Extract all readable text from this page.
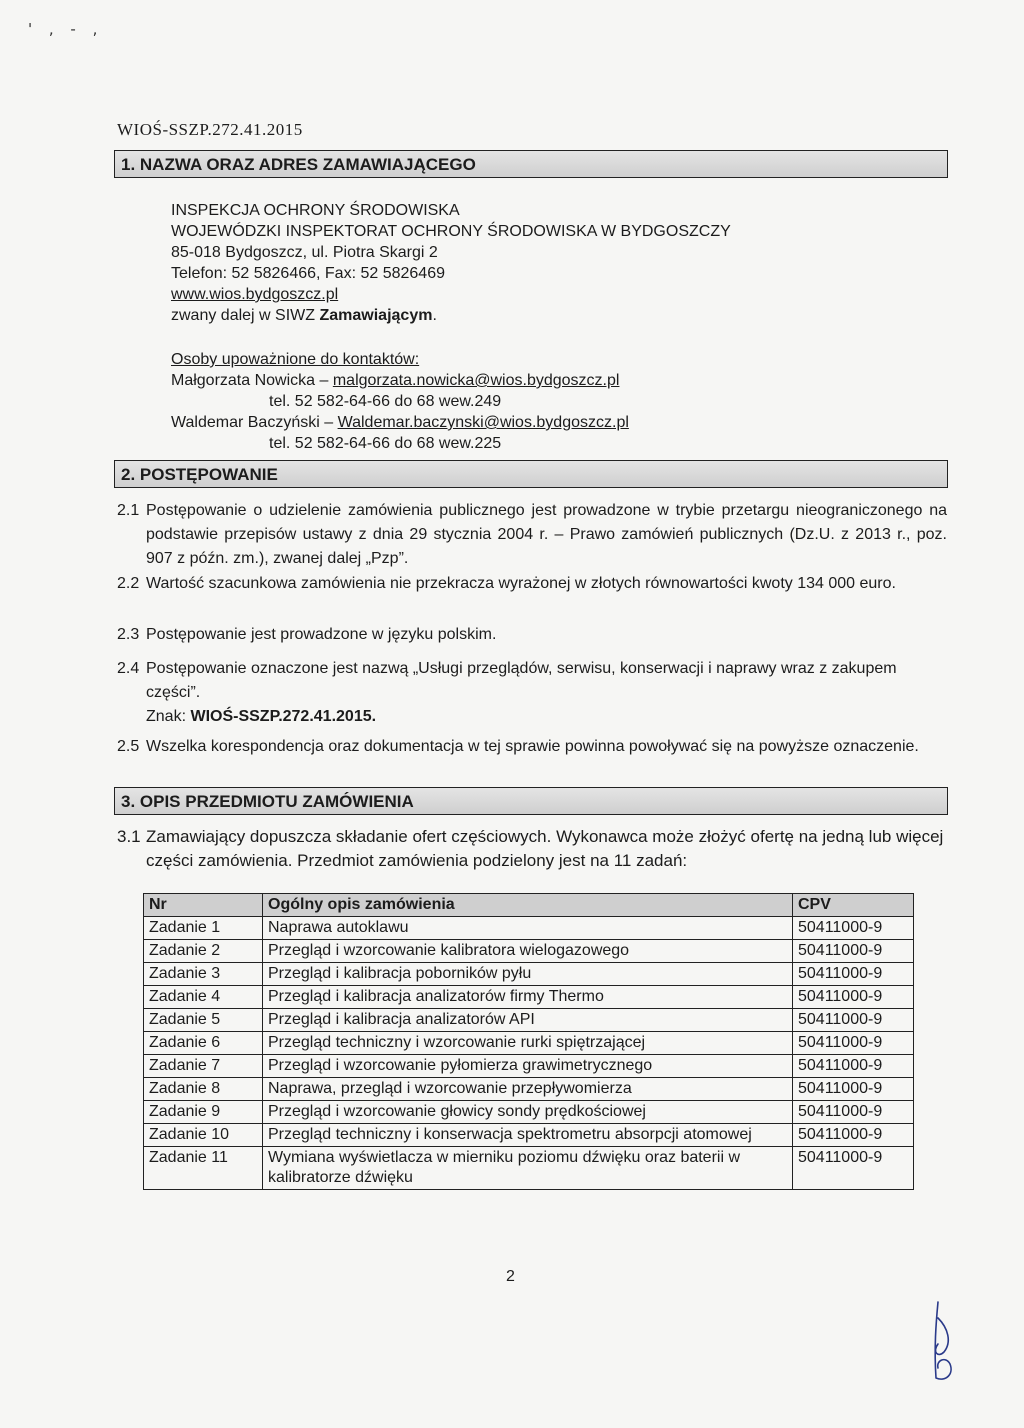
' , - ,
WIOŚ-SSZP.272.41.2015
1. NAZWA ORAZ ADRES ZAMAWIAJĄCEGO
INSPEKCJA OCHRONY ŚRODOWISKA
WOJEWÓDZKI INSPEKTORAT OCHRONY ŚRODOWISKA W BYDGOSZCZY
85-018 Bydgoszcz, ul. Piotra Skargi 2
Telefon: 52 5826466, Fax: 52 5826469
www.wios.bydgoszcz.pl
zwany dalej w SIWZ Zamawiającym.
Osoby upoważnione do kontaktów:
Małgorzata Nowicka – malgorzata.nowicka@wios.bydgoszcz.pl
tel. 52 582-64-66 do 68 wew.249
Waldemar Baczyński – Waldemar.baczynski@wios.bydgoszcz.pl
tel. 52 582-64-66 do 68 wew.225
2. POSTĘPOWANIE
2.1 Postępowanie o udzielenie zamówienia publicznego jest prowadzone w trybie przetargu nieograniczonego na podstawie przepisów ustawy z dnia 29 stycznia 2004 r. – Prawo zamówień publicznych (Dz.U. z 2013 r., poz. 907 z późn. zm.), zwanej dalej „Pzp”.
2.2 Wartość szacunkowa zamówienia nie przekracza wyrażonej w złotych równowartości kwoty 134 000 euro.
2.3 Postępowanie jest prowadzone w języku polskim.
2.4 Postępowanie oznaczone jest nazwą „Usługi przeglądów, serwisu, konserwacji i naprawy wraz z zakupem części”.
Znak: WIOŚ-SSZP.272.41.2015.
2.5 Wszelka korespondencja oraz dokumentacja w tej sprawie powinna powoływać się na powyższe oznaczenie.
3. OPIS PRZEDMIOTU ZAMÓWIENIA
3.1 Zamawiający dopuszcza składanie ofert częściowych. Wykonawca może złożyć ofertę na jedną lub więcej części zamówienia. Przedmiot zamówienia podzielony jest na 11 zadań:
Nr	Ogólny opis zamówienia	CPV
Zadanie 1	Naprawa autoklawu	50411000-9
Zadanie 2	Przegląd i wzorcowanie kalibratora wielogazowego	50411000-9
Zadanie 3	Przegląd i kalibracja poborników pyłu	50411000-9
Zadanie 4	Przegląd i kalibracja analizatorów firmy Thermo	50411000-9
Zadanie 5	Przegląd i kalibracja analizatorów API	50411000-9
Zadanie 6	Przegląd techniczny i wzorcowanie rurki spiętrzającej	50411000-9
Zadanie 7	Przegląd i wzorcowanie pyłomierza grawimetrycznego	50411000-9
Zadanie 8	Naprawa, przegląd i wzorcowanie przepływomierza	50411000-9
Zadanie 9	Przegląd i wzorcowanie głowicy sondy prędkościowej	50411000-9
Zadanie 10	Przegląd techniczny i konserwacja spektrometru absorpcji atomowej	50411000-9
Zadanie 11	Wymiana wyświetlacza w mierniku poziomu dźwięku oraz baterii w kalibratorze dźwięku	50411000-9
2
